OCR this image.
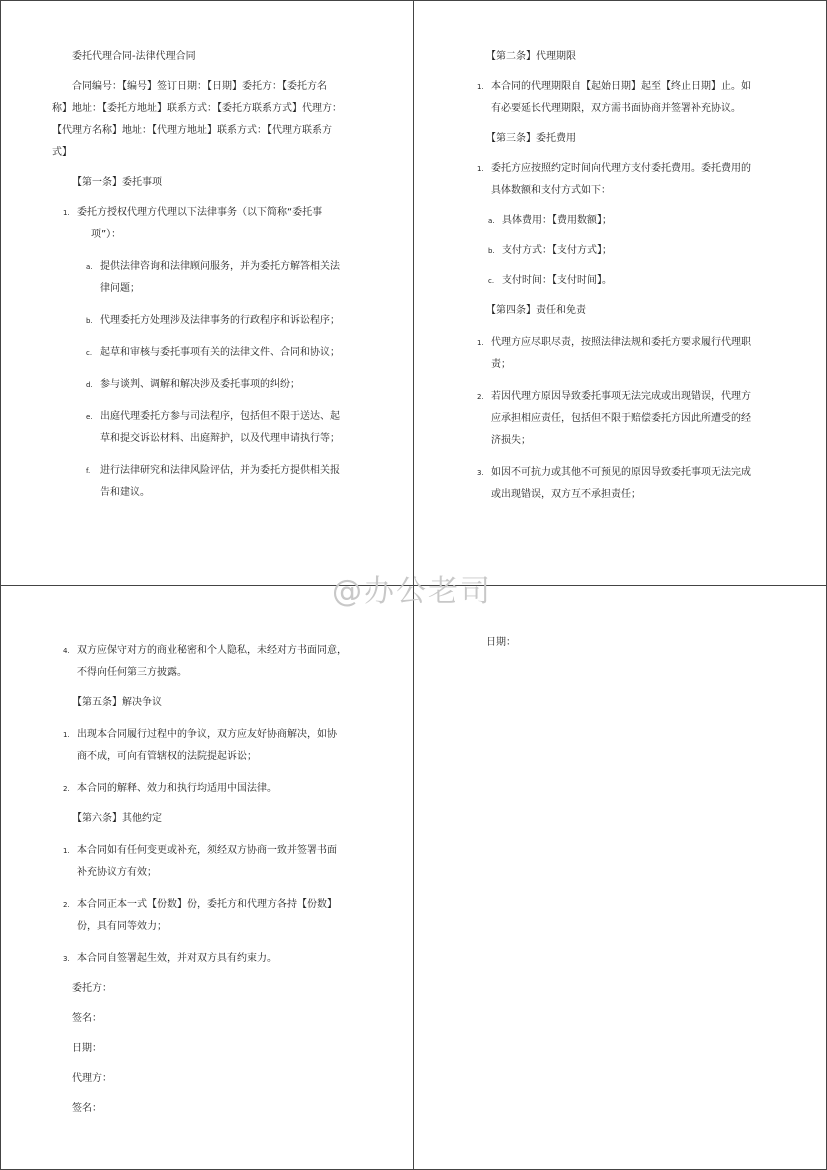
@办公老司
委托代理合同-法律代理合同
合同编号：【编号】签订日期：【日期】委托方：【委托方名
称】地址：【委托方地址】联系方式：【委托方联系方式】代理方：
【代理方名称】地址：【代理方地址】联系方式：【代理方联系方
式】
【第一条】委托事项
1. 委托方授权代理方代理以下法律事务（以下简称“委托事
项”）：
a. 提供法律咨询和法律顾问服务，并为委托方解答相关法
律问题；
b. 代理委托方处理涉及法律事务的行政程序和诉讼程序；
c. 起草和审核与委托事项有关的法律文件、合同和协议；
d. 参与谈判、调解和解决涉及委托事项的纠纷；
e. 出庭代理委托方参与司法程序，包括但不限于送达、起
草和提交诉讼材料、出庭辩护，以及代理申请执行等；
f. 进行法律研究和法律风险评估，并为委托方提供相关报
告和建议。
【第二条】代理期限
1. 本合同的代理期限自【起始日期】起至【终止日期】止。如
有必要延长代理期限，双方需书面协商并签署补充协议。
【第三条】委托费用
1. 委托方应按照约定时间向代理方支付委托费用。委托费用的
具体数额和支付方式如下：
a. 具体费用：【费用数额】；
b. 支付方式：【支付方式】；
c. 支付时间：【支付时间】。
【第四条】责任和免责
1. 代理方应尽职尽责，按照法律法规和委托方要求履行代理职
责；
2. 若因代理方原因导致委托事项无法完成或出现错误，代理方
应承担相应责任，包括但不限于赔偿委托方因此所遭受的经
济损失；
3. 如因不可抗力或其他不可预见的原因导致委托事项无法完成
或出现错误，双方互不承担责任；
4. 双方应保守对方的商业秘密和个人隐私，未经对方书面同意，
不得向任何第三方披露。
【第五条】解决争议
1. 出现本合同履行过程中的争议，双方应友好协商解决，如协
商不成，可向有管辖权的法院提起诉讼；
2. 本合同的解释、效力和执行均适用中国法律。
【第六条】其他约定
1. 本合同如有任何变更或补充，须经双方协商一致并签署书面
补充协议方有效；
2. 本合同正本一式【份数】份，委托方和代理方各持【份数】
份，具有同等效力；
3. 本合同自签署起生效，并对双方具有约束力。
委托方：
签名：
日期：
代理方：
签名：
日期：
